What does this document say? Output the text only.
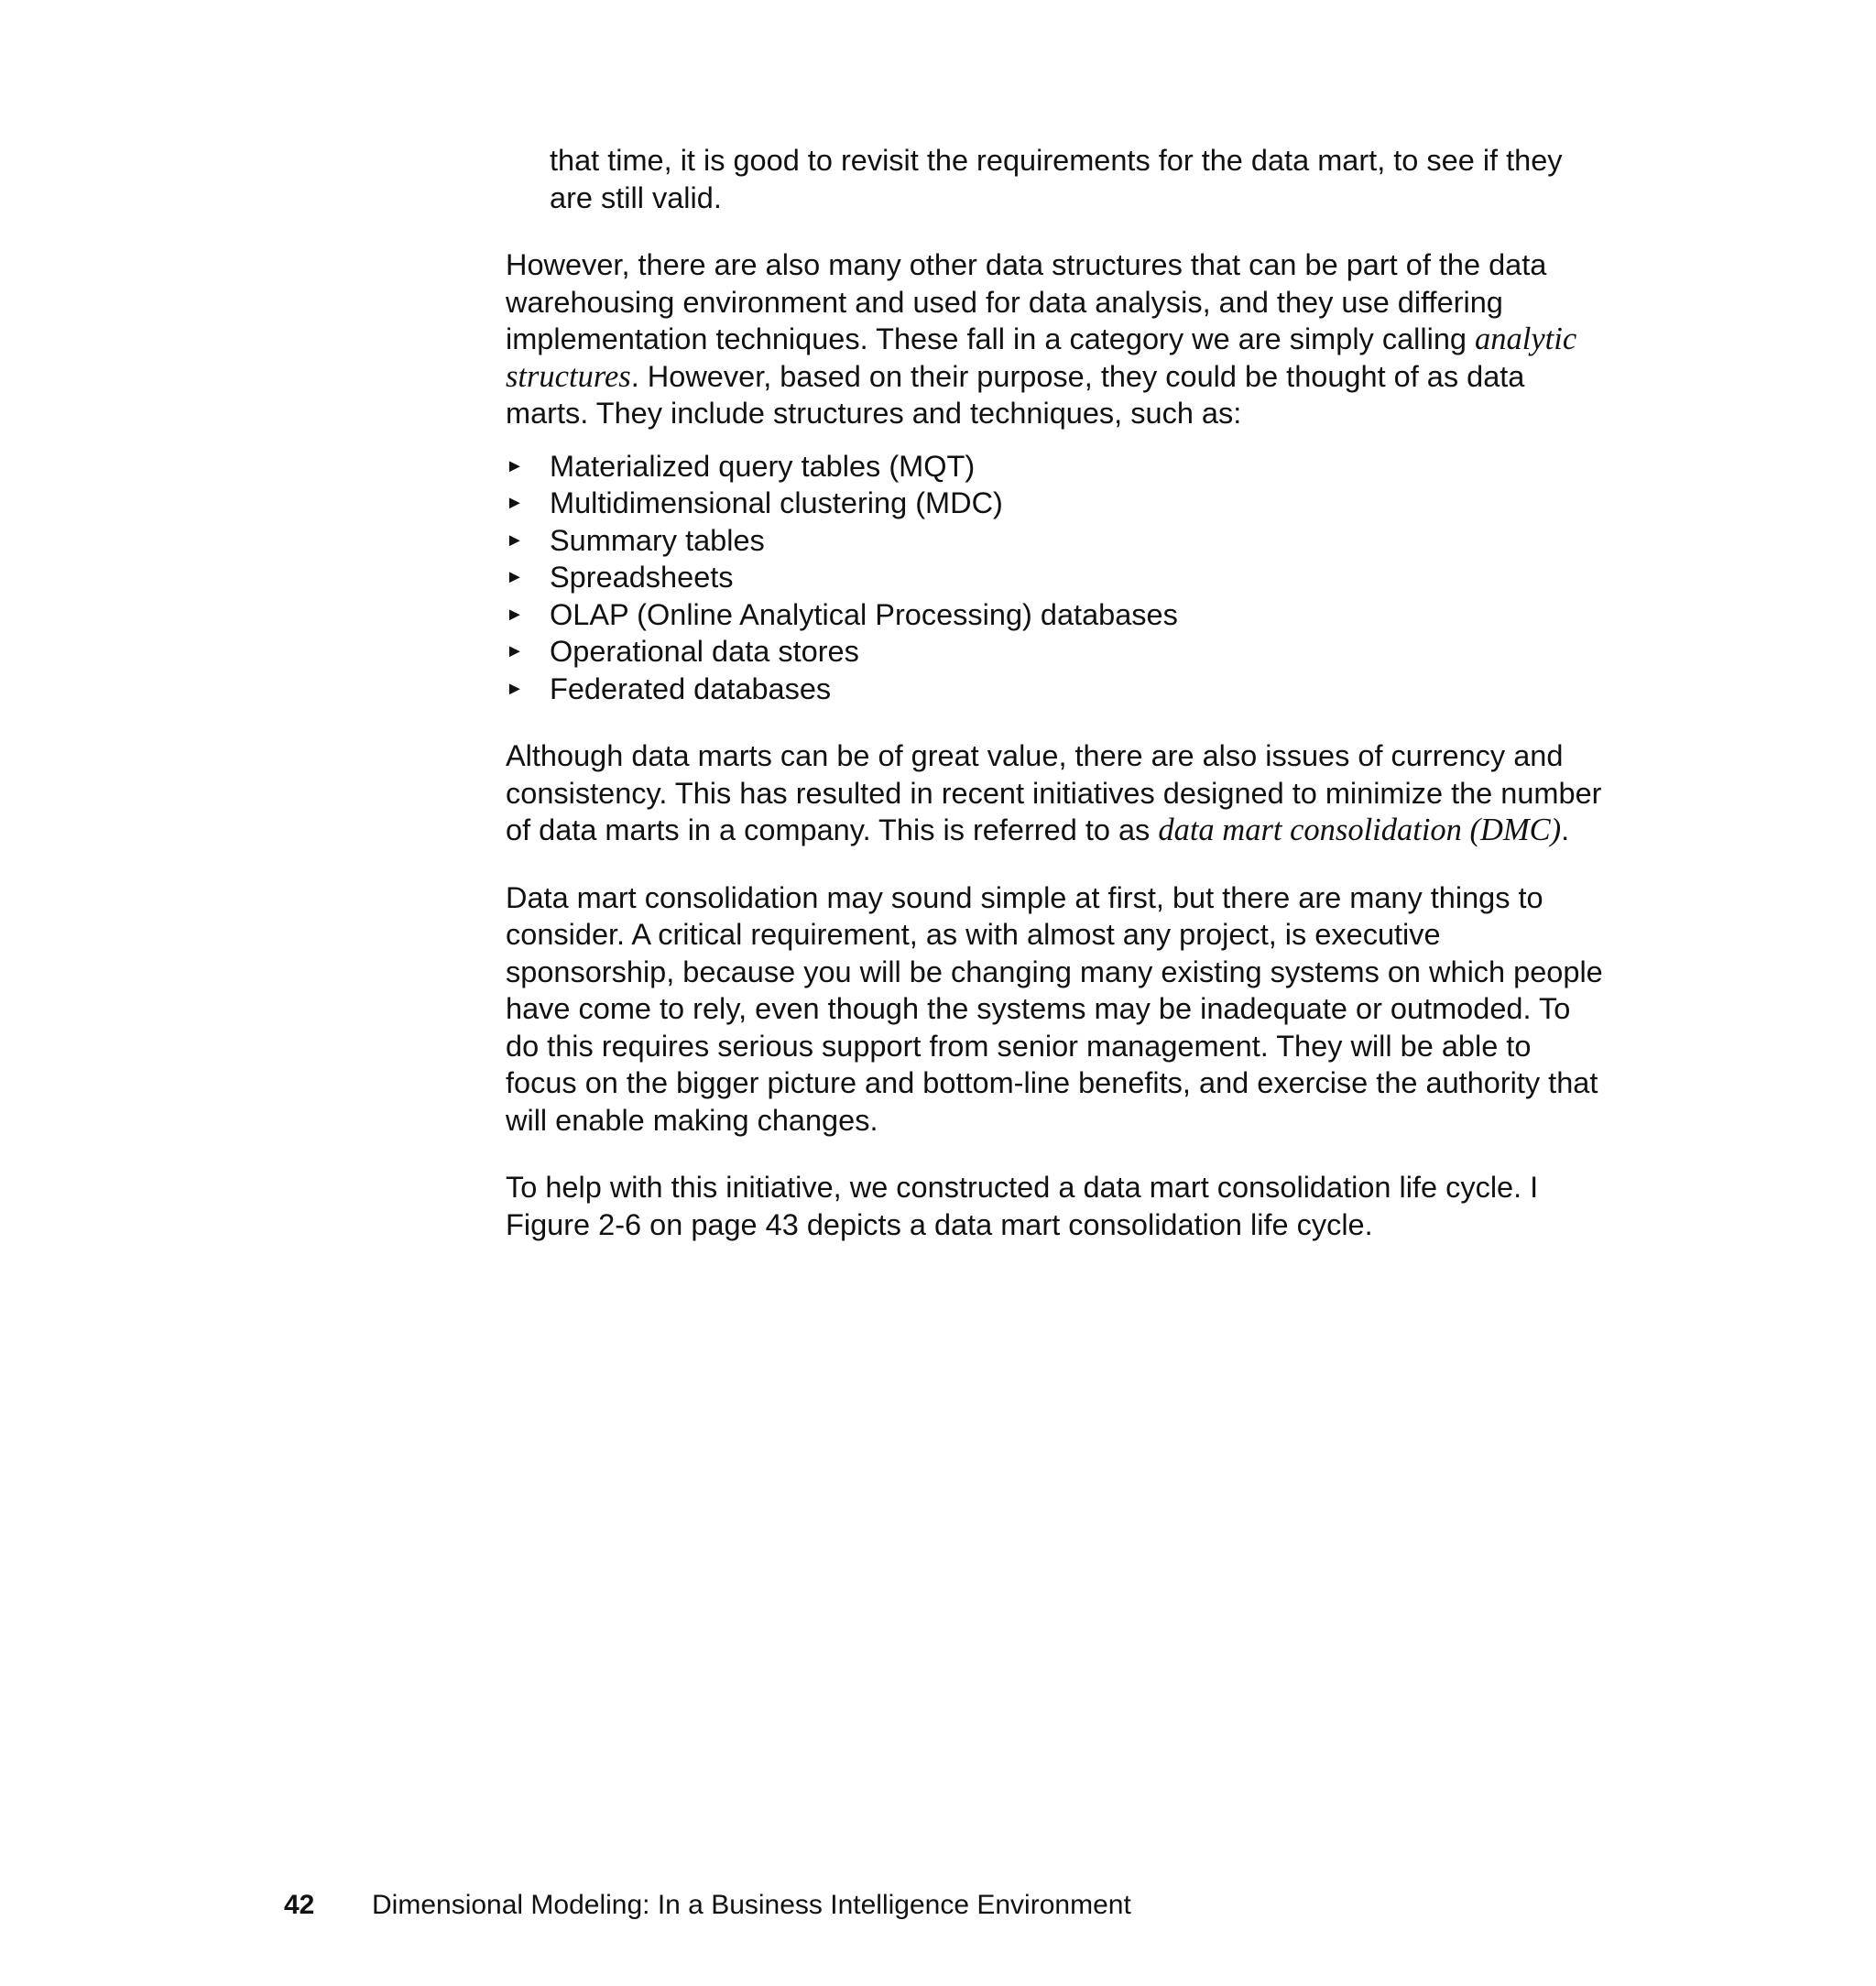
that time, it is good to revisit the requirements for the data mart, to see if they are still valid.

However, there are also many other data structures that can be part of the data warehousing environment and used for data analysis, and they use differing implementation techniques. These fall in a category we are simply calling analytic structures. However, based on their purpose, they could be thought of as data marts. They include structures and techniques, such as:

► Materialized query tables (MQT)
► Multidimensional clustering (MDC)
► Summary tables
► Spreadsheets
► OLAP (Online Analytical Processing) databases
► Operational data stores
► Federated databases

Although data marts can be of great value, there are also issues of currency and consistency. This has resulted in recent initiatives designed to minimize the number of data marts in a company. This is referred to as data mart consolidation (DMC).

Data mart consolidation may sound simple at first, but there are many things to consider. A critical requirement, as with almost any project, is executive sponsorship, because you will be changing many existing systems on which people have come to rely, even though the systems may be inadequate or outmoded. To do this requires serious support from senior management. They will be able to focus on the bigger picture and bottom-line benefits, and exercise the authority that will enable making changes.

To help with this initiative, we constructed a data mart consolidation life cycle. I Figure 2-6 on page 43 depicts a data mart consolidation life cycle.

42 Dimensional Modeling: In a Business Intelligence Environment
